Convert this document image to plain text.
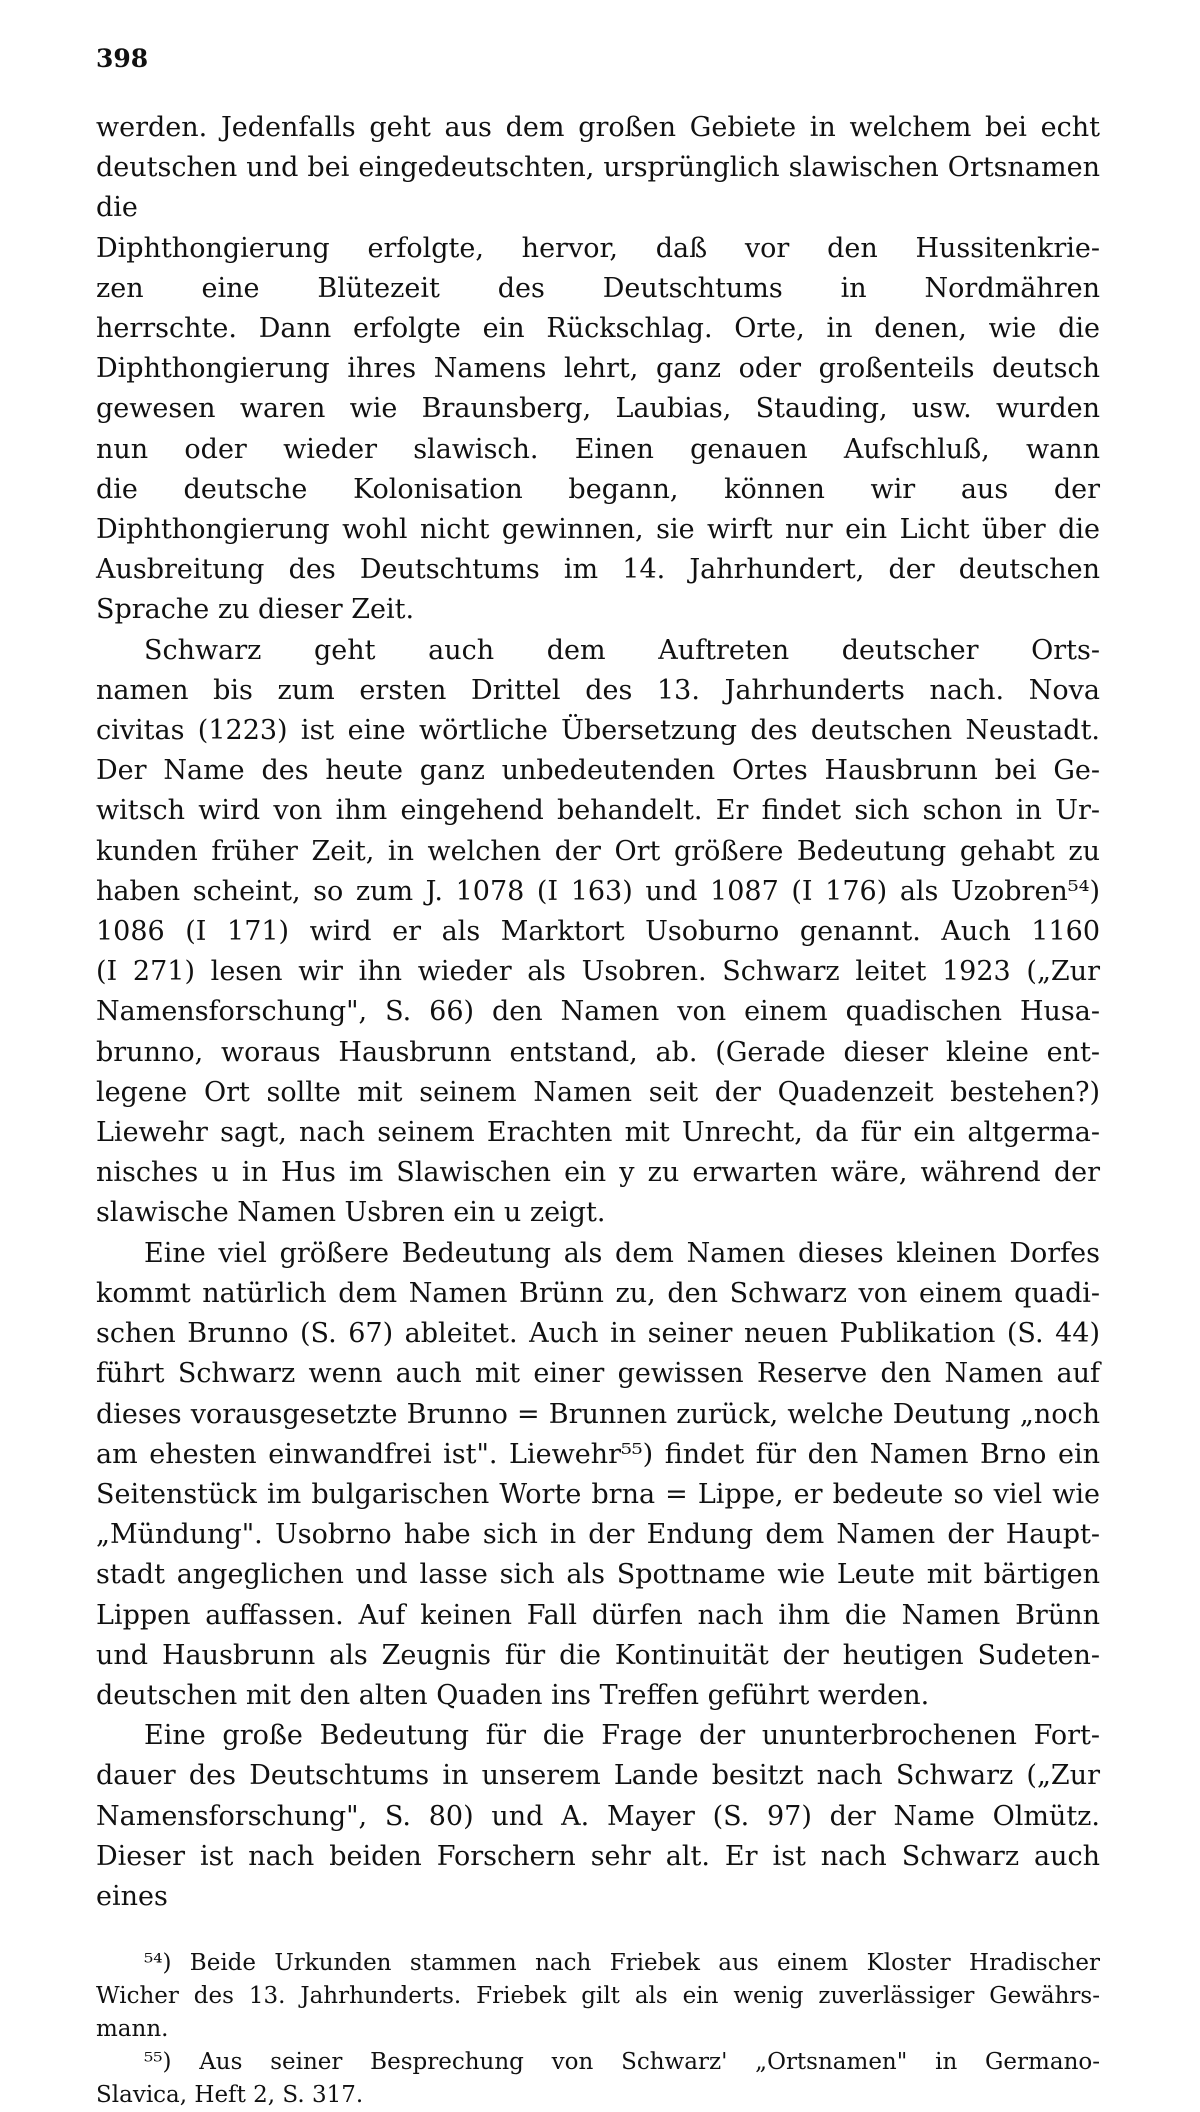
398

werden. Jedenfalls geht aus dem großen Gebiete in welchem bei echt

deutschen und bei eingedeutschten, ursprünglich slawischen Ortsnamen die

Diphthongierung erfolgte, hervor, daß vor den Hussitenkrie-

zen eine Blütezeit des Deutschtums in Nordmähren

herrschte. Dann erfolgte ein Rückschlag. Orte, in denen, wie die

Diphthongierung ihres Namens lehrt, ganz oder großenteils deutsch

gewesen waren wie Braunsberg, Laubias, Stauding, usw. wurden

nun oder wieder slawisch. Einen genauen Aufschluß, wann

die deutsche Kolonisation begann, können wir aus der

Diphthongierung wohl nicht gewinnen, sie wirft nur ein Licht über die

Ausbreitung des Deutschtums im 14. Jahrhundert, der deutschen

Sprache zu dieser Zeit.

Schwarz geht auch dem Auftreten deutscher Orts-

namen bis zum ersten Drittel des 13. Jahrhunderts nach. Nova

civitas (1223) ist eine wörtliche Übersetzung des deutschen Neustadt.

Der Name des heute ganz unbedeutenden Ortes Hausbrunn bei Ge-

witsch wird von ihm eingehend behandelt. Er findet sich schon in Ur-

kunden früher Zeit, in welchen der Ort größere Bedeutung gehabt zu

haben scheint, so zum J. 1078 (I 163) und 1087 (I 176) als Uzobren⁵⁴)

1086 (I 171) wird er als Marktort Usoburno genannt. Auch 1160

(I 271) lesen wir ihn wieder als Usobren. Schwarz leitet 1923 („Zur

Namensforschung", S. 66) den Namen von einem quadischen Husa-

brunno, woraus Hausbrunn entstand, ab. (Gerade dieser kleine ent-

legene Ort sollte mit seinem Namen seit der Quadenzeit bestehen?)

Liewehr sagt, nach seinem Erachten mit Unrecht, da für ein altgerma-

nisches u in Hus im Slawischen ein y zu erwarten wäre, während der

slawische Namen Usbren ein u zeigt.

Eine viel größere Bedeutung als dem Namen dieses kleinen Dorfes

kommt natürlich dem Namen Brünn zu, den Schwarz von einem quadi-

schen Brunno (S. 67) ableitet. Auch in seiner neuen Publikation (S. 44)

führt Schwarz wenn auch mit einer gewissen Reserve den Namen auf

dieses vorausgesetzte Brunno = Brunnen zurück, welche Deutung „noch

am ehesten einwandfrei ist". Liewehr⁵⁵) findet für den Namen Brno ein

Seitenstück im bulgarischen Worte brna = Lippe, er bedeute so viel wie

„Mündung". Usobrno habe sich in der Endung dem Namen der Haupt-

stadt angeglichen und lasse sich als Spottname wie Leute mit bärtigen

Lippen auffassen. Auf keinen Fall dürfen nach ihm die Namen Brünn

und Hausbrunn als Zeugnis für die Kontinuität der heutigen Sudeten-

deutschen mit den alten Quaden ins Treffen geführt werden.

Eine große Bedeutung für die Frage der ununterbrochenen Fort-

dauer des Deutschtums in unserem Lande besitzt nach Schwarz („Zur

Namensforschung", S. 80) und A. Mayer (S. 97) der Name Olmütz.

Dieser ist nach beiden Forschern sehr alt. Er ist nach Schwarz auch eines

⁵⁴) Beide Urkunden stammen nach Friebek aus einem Kloster Hradischer

Wicher des 13. Jahrhunderts. Friebek gilt als ein wenig zuverlässiger Gewährs-

mann.

⁵⁵) Aus seiner Besprechung von Schwarz' „Ortsnamen" in Germano-

Slavica, Heft 2, S. 317.
